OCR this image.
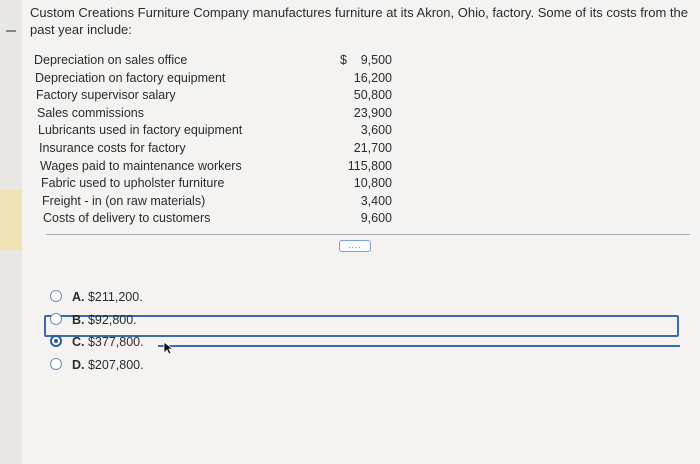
Custom Creations Furniture Company manufactures furniture at its Akron, Ohio, factory. Some of its costs from the past year include:
Depreciation on sales office	$ 9,500
Depreciation on factory equipment	16,200
Factory supervisor salary	50,800
Sales commissions	23,900
Lubricants used in factory equipment	3,600
Insurance costs for factory	21,700
Wages paid to maintenance workers	115,800
Fabric used to upholster furniture	10,800
Freight - in (on raw materials)	3,400
Costs of delivery to customers	9,600
....
A. $211,200.
B. $92,800.
C. $377,800.
D. $207,800.
